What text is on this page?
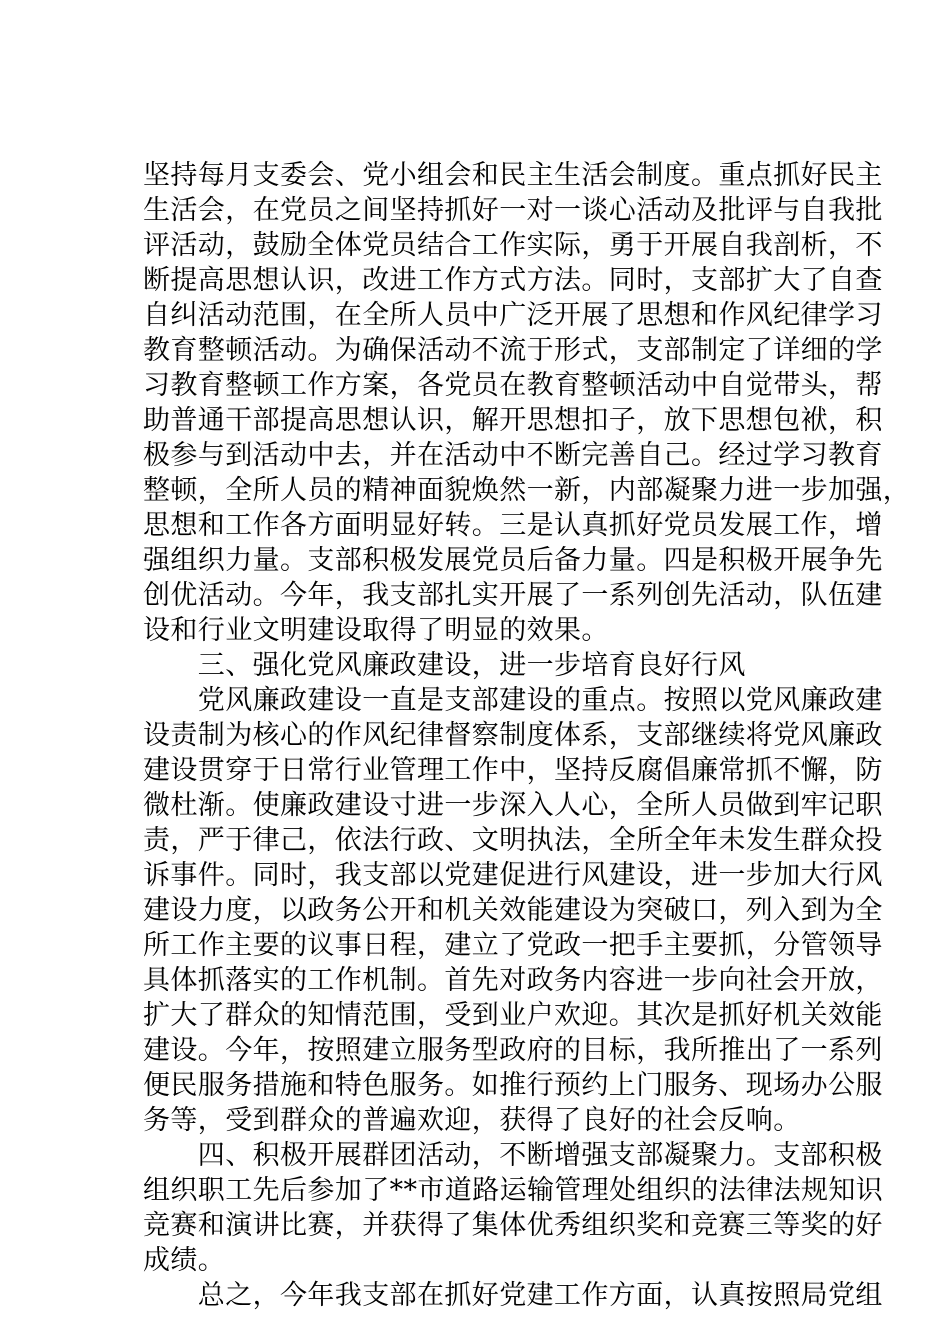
坚持每月支委会、党小组会和民主生活会制度。重点抓好民主
生活会，在党员之间坚持抓好一对一谈心活动及批评与自我批
评活动，鼓励全体党员结合工作实际，勇于开展自我剖析，不
断提高思想认识，改进工作方式方法。同时，支部扩大了自查
自纠活动范围，在全所人员中广泛开展了思想和作风纪律学习
教育整顿活动。为确保活动不流于形式，支部制定了详细的学
习教育整顿工作方案，各党员在教育整顿活动中自觉带头，帮
助普通干部提高思想认识，解开思想扣子，放下思想包袱，积
极参与到活动中去，并在活动中不断完善自己。经过学习教育
整顿，全所人员的精神面貌焕然一新，内部凝聚力进一步加强，
思想和工作各方面明显好转。三是认真抓好党员发展工作，增
强组织力量。支部积极发展党员后备力量。四是积极开展争先
创优活动。今年，我支部扎实开展了一系列创先活动，队伍建
设和行业文明建设取得了明显的效果。
　　三、强化党风廉政建设，进一步培育良好行风
　　党风廉政建设一直是支部建设的重点。按照以党风廉政建
设责制为核心的作风纪律督察制度体系，支部继续将党风廉政
建设贯穿于日常行业管理工作中，坚持反腐倡廉常抓不懈，防
微杜渐。使廉政建设寸进一步深入人心，全所人员做到牢记职
责，严于律己，依法行政、文明执法，全所全年未发生群众投
诉事件。同时，我支部以党建促进行风建设，进一步加大行风
建设力度，以政务公开和机关效能建设为突破口，列入到为全
所工作主要的议事日程，建立了党政一把手主要抓，分管领导
具体抓落实的工作机制。首先对政务内容进一步向社会开放，
扩大了群众的知情范围，受到业户欢迎。其次是抓好机关效能
建设。今年，按照建立服务型政府的目标，我所推出了一系列
便民服务措施和特色服务。如推行预约上门服务、现场办公服
务等，受到群众的普遍欢迎，获得了良好的社会反响。
　　四、积极开展群团活动，不断增强支部凝聚力。支部积极
组织职工先后参加了**市道路运输管理处组织的法律法规知识
竞赛和演讲比赛，并获得了集体优秀组织奖和竞赛三等奖的好
成绩。
　　总之，今年我支部在抓好党建工作方面，认真按照局党组
